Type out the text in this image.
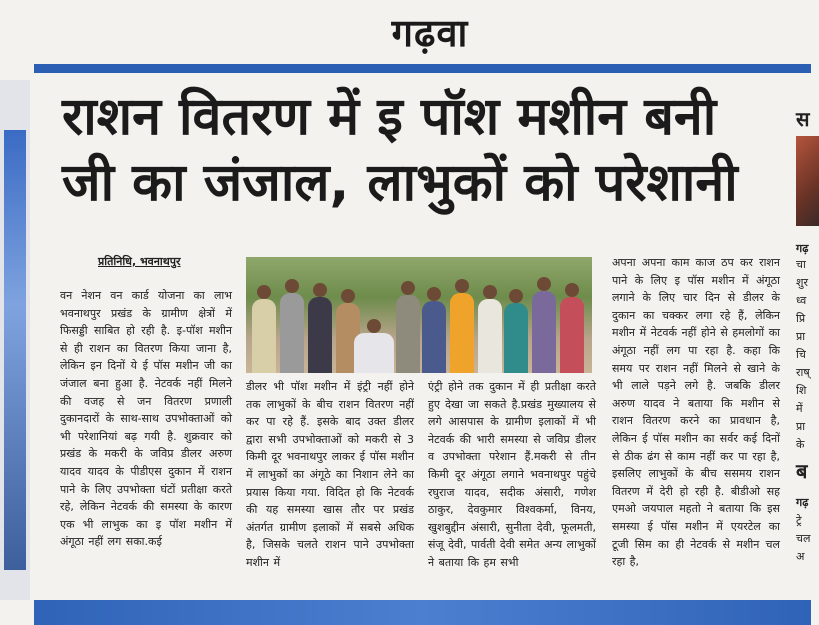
गढ़वा
राशन वितरण में इ पॉश मशीन बनी
जी का जंजाल, लाभुकों को परेशानी
प्रतिनिधि, भवनाथपुर
वन नेशन वन कार्ड योजना का लाभ भवनाथपुर प्रखंड के ग्रामीण क्षेत्रों में फिसड्डी साबित हो रही है. इ-पॉश मशीन से ही राशन का वितरण किया जाना है, लेकिन इन दिनों ये ई पॉस मशीन जी का जंजाल बना हुआ है. नेटवर्क नहीं मिलने की वजह से जन वितरण प्रणाली दुकानदारों के साथ-साथ उपभोक्ताओं को भी परेशानियां बढ़ गयी है. शुक्रवार को प्रखंड के मकरी के जविप्र डीलर अरुण यादव यादव के पीडीएस दुकान में राशन पाने के लिए उपभोक्ता घंटों प्रतीक्षा करते रहे, लेकिन नेटवर्क की समस्या के कारण एक भी लाभुक का इ पॉश मशीन में अंगूठा नहीं लग सका.कई
डीलर भी पॉश मशीन में इंट्री नहीं होने तक लाभुकों के बीच राशन वितरण नहीं कर पा रहे हैं. इसके बाद उक्त डीलर द्वारा सभी उपभोक्ताओं को मकरी से 3 किमी दूर भवनाथपुर लाकर ई पॉस मशीन में लाभुकों का अंगूठे का निशान लेने का प्रयास किया गया. विदित हो कि नेटवर्क की यह समस्या खास तौर पर प्रखंड अंतर्गत ग्रामीण इलाकों में सबसे अधिक है, जिसके चलते राशन पाने उपभोक्ता मशीन में
एंट्री होने तक दुकान में ही प्रतीक्षा करते हुए देखा जा सकते है.प्रखंड मुख्यालय से लगे आसपास के ग्रामीण इलाकों में भी नेटवर्क की भारी समस्या से जविप्र डीलर व उपभोक्ता परेशान हैं.मकरी से तीन किमी दूर अंगूठा लगाने भवनाथपुर पहुंचे रघुराज यादव, सदीक अंसारी, गणेश ठाकुर, देवकुमार विश्वकर्मा, विनय, खुशबुद्दीन अंसारी, सुनीता देवी, फूलमती, संजू देवी, पार्वती देवी समेत अन्य लाभुकों ने बताया कि हम सभी
अपना अपना काम काज ठप कर राशन पाने के लिए इ पॉस मशीन में अंगूठा लगाने के लिए चार दिन से डीलर के दुकान का चक्कर लगा रहे हैं, लेकिन मशीन में नेटवर्क नहीं होने से हमलोगों का अंगूठा नहीं लग पा रहा है. कहा कि समय पर राशन नहीं मिलने से खाने के भी लाले पड़ने लगे है. जबकि डीलर अरुण यादव ने बताया कि मशीन से राशन वितरण करने का प्रावधान है, लेकिन ई पॉस मशीन का सर्वर कई दिनों से ठीक ढंग से काम नहीं कर पा रहा है, इसलिए लाभुकों के बीच ससमय राशन वितरण में देरी हो रही है. बीडीओ सह एमओ जयपाल महतो ने बताया कि इस समस्या ई पॉस मशीन में एयरटेल का टूजी सिम का ही नेटवर्क से मशीन चल रहा है,
स
गढ़
चा
शुर
ध्व
प्रि
प्रा
चि
राष्
शि
में
प्रा
के
ब
गढ़
ट्रे
चल
अ
